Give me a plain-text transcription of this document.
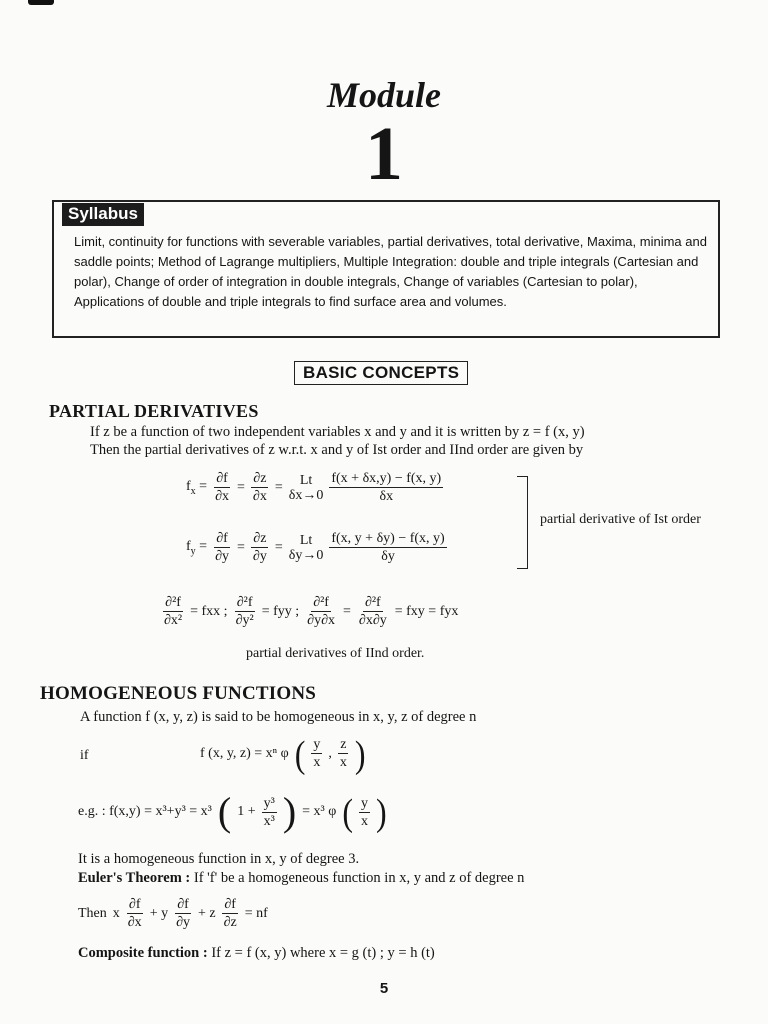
Module
1
Syllabus
Limit, continuity for functions with severable variables, partial derivatives, total derivative, Maxima, minima and saddle points; Method of Lagrange multipliers, Multiple Integration: double and triple integrals (Cartesian and polar), Change of order of integration in double integrals, Change of variables (Cartesian to polar), Applications of double and triple integrals to find surface area and volumes.
BASIC CONCEPTS
PARTIAL DERIVATIVES
If z be a function of two independent variables x and y and it is written by z = f (x, y)
Then the partial derivatives of z w.r.t. x and y of Ist order and IInd order are given by
$f_x = \frac{\partial f}{\partial x} = \frac{\partial z}{\partial x} = Lt$
$\delta x\to 0 \frac{f(x + \delta x,y) - f(x, y)}{\delta x}$
$f_y = \frac{\partial f}{\partial y} = \frac{\partial z}{\partial y} = Lt$
$\delta y\to 0 \frac{f(x, y + \delta y) - f(x, y)}{\delta y}$
partial derivative of Ist order
$\frac{\text{∂²f}}{\text{∂x²}}$ = fxx ; $\frac{\text{∂²f}}{\text{∂y²}}$ = fyy ; $\frac{\text{∂²f}}{\partial y\partial x} = \frac{\text{∂²f}}{\partial x\partial y}$ = fxy = fyx
partial derivatives of IInd order.
HOMOGENEOUS FUNCTIONS
A function f (x, y, z) is said to be homogeneous in x, y, z of degree n
if	f (x, y, z) = xⁿ φ ( $\frac{y}{x}$ , $\frac{z}{x}$ )
e.g. : f(x,y) = x³+y³ = x³ ( $1 + \frac{\text{y³}}{\text{x³}}$ ) = x³ φ ( $\frac{y}{x}$ )
It is a homogeneous function in x, y of degree 3.
Euler's Theorem : If 'f' be a homogeneous function in x, y and z of degree n
Then x $\frac{\partial f}{\partial x} + y \frac{\partial f}{\partial y} + z \frac{\partial f}{\partial z}$ = nf
Composite function : If z = f (x, y) where x = g (t) ; y = h (t)
5
